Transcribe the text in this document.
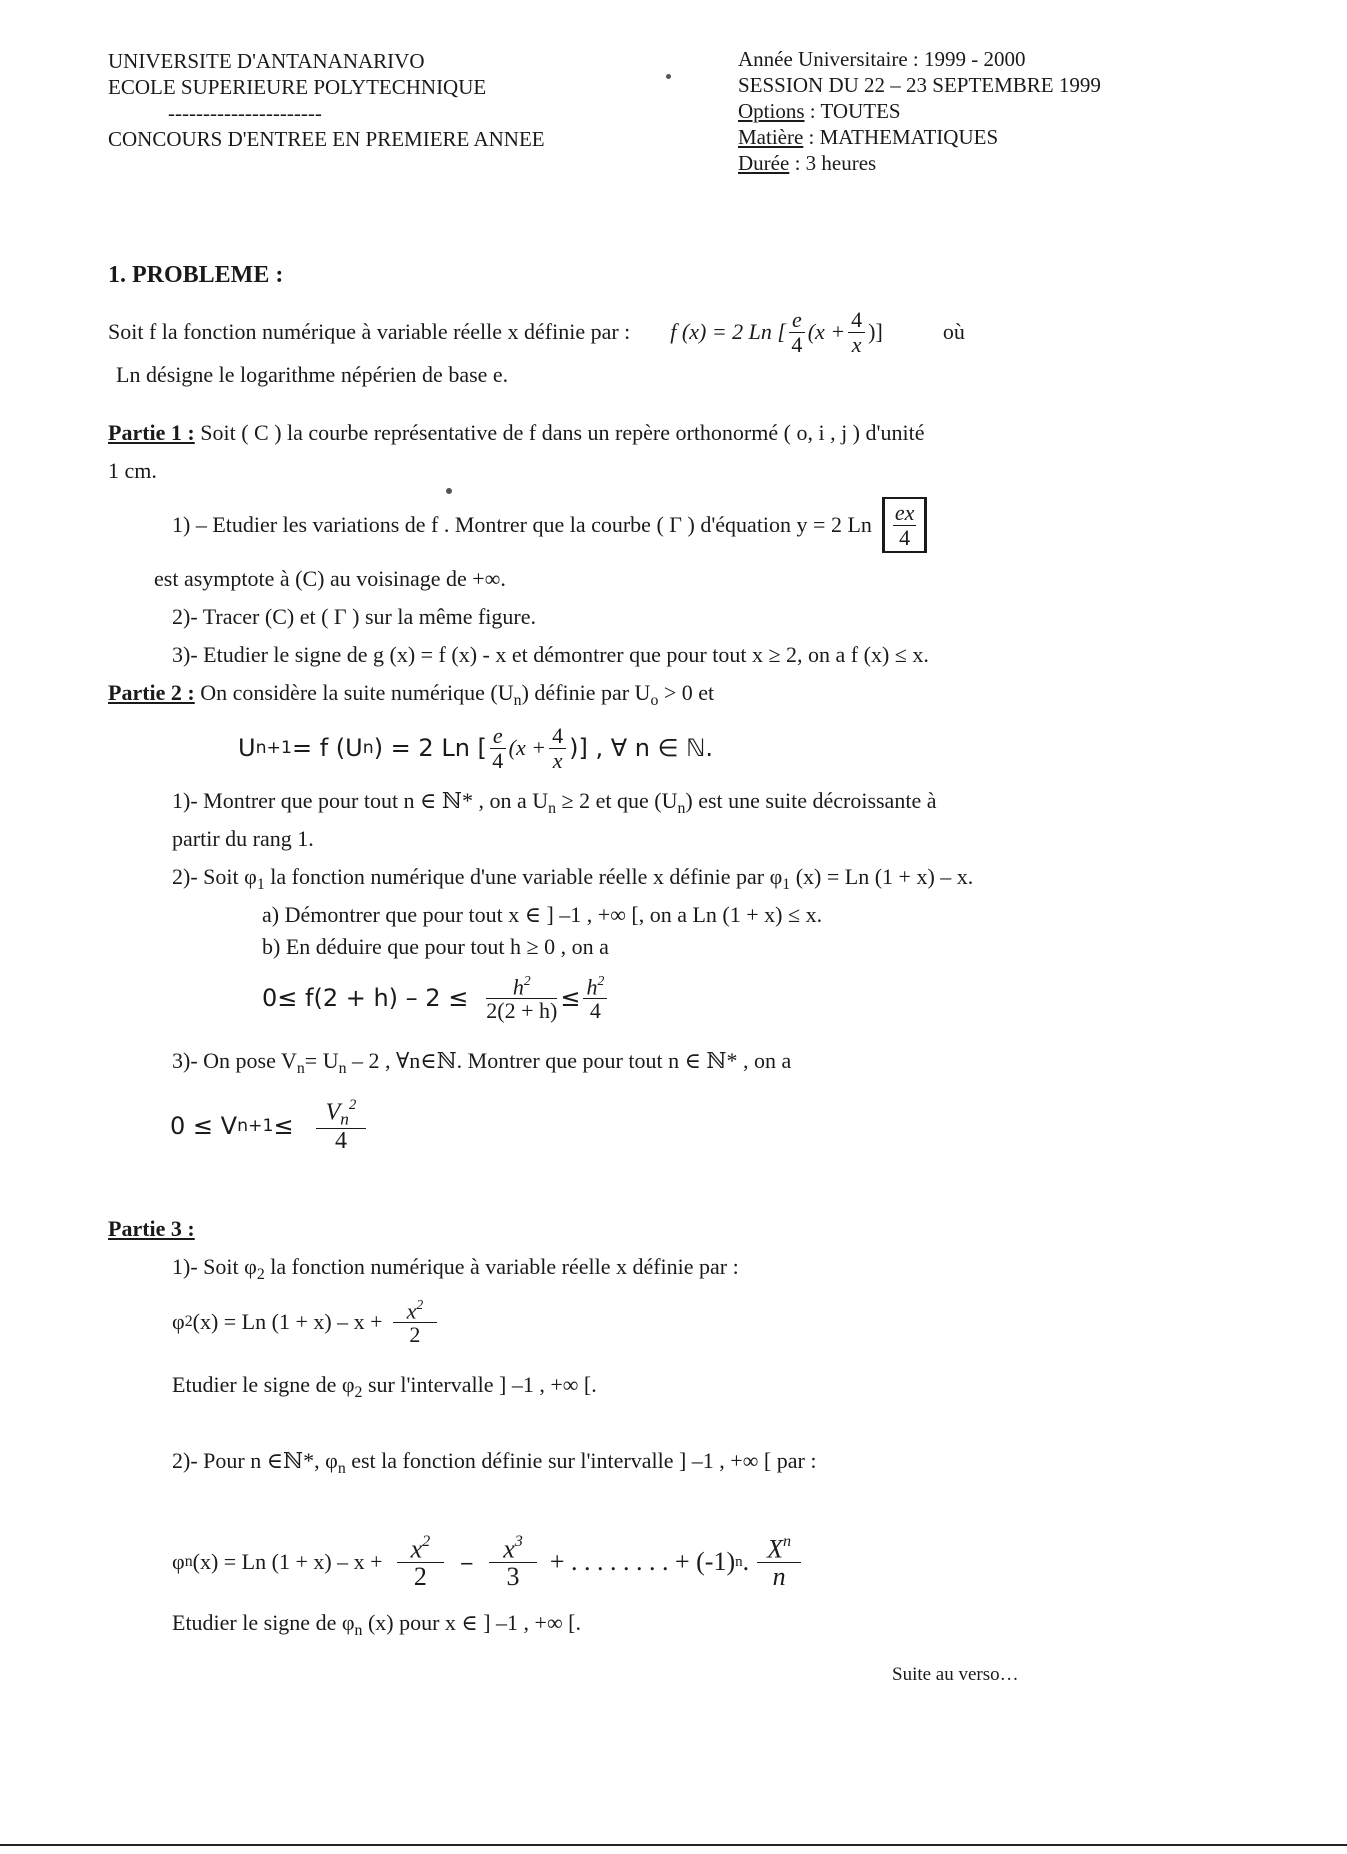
UNIVERSITE D'ANTANANARIVO
ECOLE SUPERIEURE POLYTECHNIQUE
----------------------
CONCOURS D'ENTREE EN PREMIERE ANNEE
Année Universitaire : 1999 - 2000
SESSION DU 22 – 23 SEPTEMBRE 1999
Options : TOUTES
Matière : MATHEMATIQUES
Durée : 3 heures
1. PROBLEME :
Soit f la fonction numérique à variable réelle x définie par : f (x) = 2 Ln [ $\frac{e}{4} (x + \frac{4}{x}$ )]	où
Ln désigne le logarithme népérien de base e.
Partie 1 : Soit ( C ) la courbe représentative de f dans un repère orthonormé ( o, i , j ) d'unité
1 cm.
1) – Etudier les variations de f . Montrer que la courbe ( Γ ) d'équation y = 2 Ln $\frac{ex}{4}$
est asymptote à (C) au voisinage de +∞.
2)- Tracer (C) et ( Γ ) sur la même figure.
3)- Etudier le signe de g (x) = f (x) - x et démontrer que pour tout x ≥ 2, on a f (x) ≤ x.
Partie 2 : On considère la suite numérique $(U_n)$ définie par $U_o > 0$ et
U n+1 = f (U n ) = 2 Ln [ $\frac{e}{4} (x + \frac{4}{x}$ )] , ∀ n ∈ ℕ.
1)- Montrer que pour tout n ∈ ℕ* , on a $U_n \ge 2$ et que $(U_n)$ est une suite décroissante à
partir du rang 1.
2)- Soit $\varphi_1$ la fonction numérique d'une variable réelle x définie par $\varphi_1$ (x) = Ln (1 + x) – x.
a) Démontrer que pour tout x ∈ ] –1 , +∞ [, on a Ln (1 + x) ≤ x.
b) En déduire que pour tout h ≥ 0 , on a
$0\le f(2 + h) - 2 \le \frac{h^2}{2(2 + h)} \le \frac{h^2}{4}$
3)- On pose $V_n= U_n - 2$ , ∀n∈ℕ. Montrer que pour tout n ∈ ℕ* , on a
0 ≤ V $n+1 \le \frac{V_n^2}{4}$
Partie 3 :
1)- Soit $\varphi_2$ la fonction numérique à variable réelle x définie par :
φ 2 (x) = Ln $(1 + x) - x + \frac{x^2}{2}$
Etudier le signe de $\varphi_2$ sur l'intervalle ] –1 , +∞ [.
2)- Pour n ∈ℕ*, $\varphi_n$ est la fonction définie sur l'intervalle ] –1 , +∞ [ par :
φ n (x) = Ln $(1 + x) - x + \frac{x^2}{2} - \frac{x^3}{3}$ + . . . . . . . . + (-1) n . $\frac{X^n}{n}$
Etudier le signe de $\varphi_n$ (x) pour x ∈ ] –1 , +∞ [.
Suite au verso…
